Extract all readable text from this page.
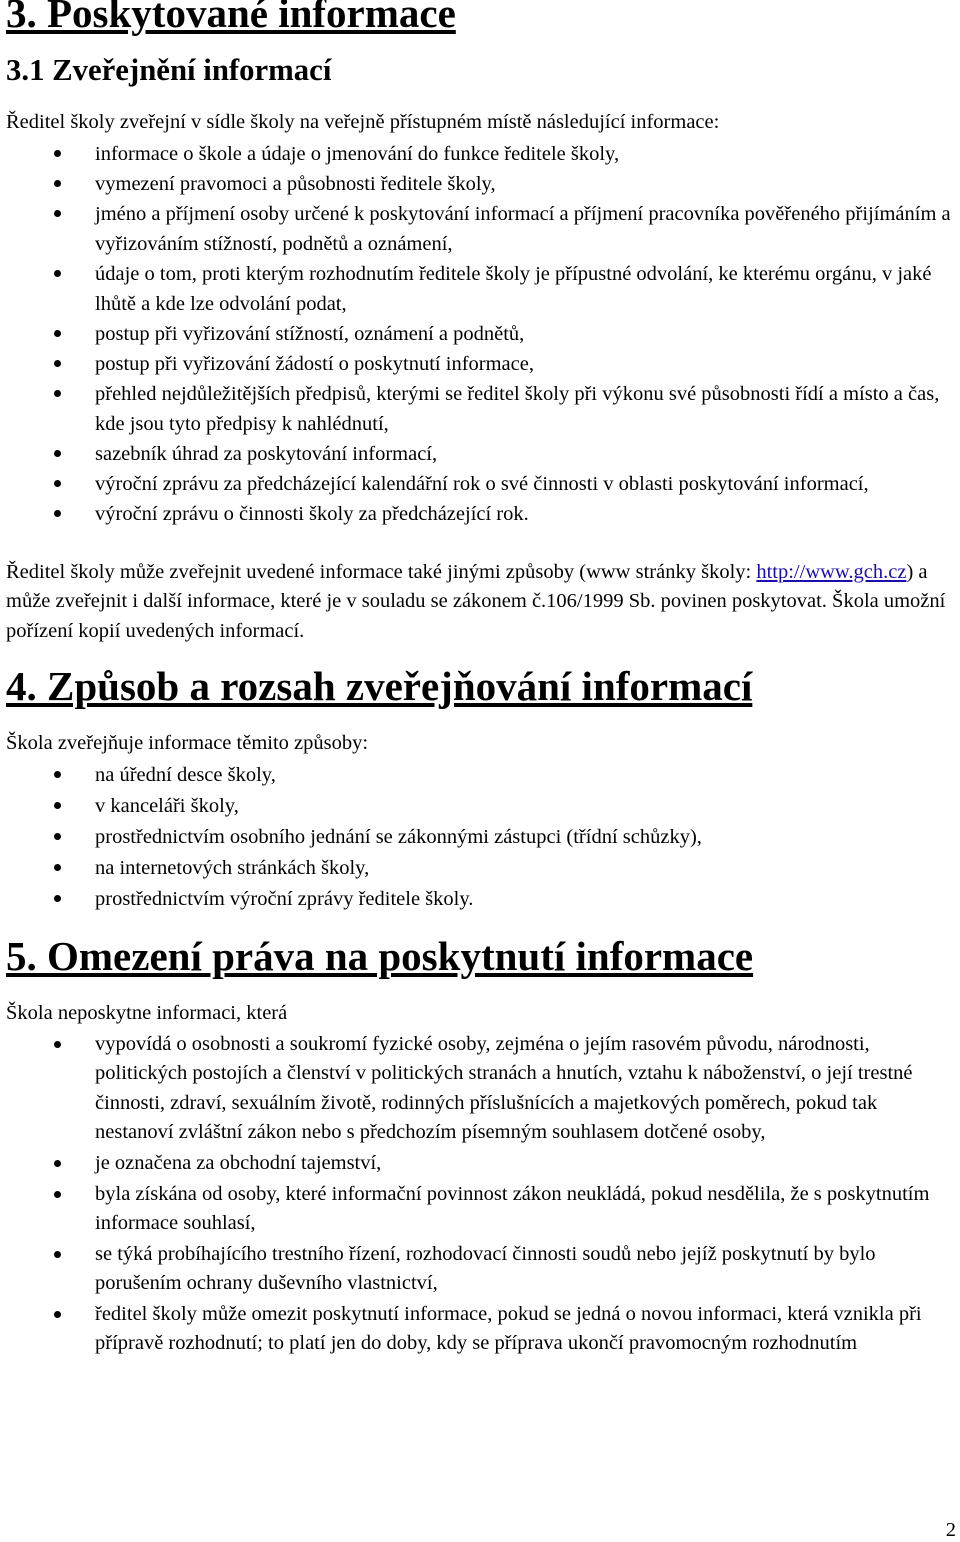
3. Poskytované informace
3.1 Zveřejnění informací

Ředitel školy zveřejní v sídle školy na veřejně přístupném místě následující informace:

informace o škole a údaje o jmenování do funkce ředitele školy,
vymezení pravomoci a působnosti ředitele školy,
jméno a příjmení osoby určené k poskytování informací a příjmení pracovníka pověřeného přijímáním a vyřizováním stížností, podnětů a oznámení,
údaje o tom, proti kterým rozhodnutím ředitele školy je přípustné odvolání, ke kterému orgánu, v jaké lhůtě a kde lze odvolání podat,
postup při vyřizování stížností, oznámení a podnětů,
postup při vyřizování žádostí o poskytnutí informace,
přehled nejdůležitějších předpisů, kterými se ředitel školy při výkonu své působnosti řídí a místo a čas, kde jsou tyto předpisy k nahlédnutí,
sazebník úhrad za poskytování informací,
výroční zprávu za předcházející kalendářní rok o své činnosti v oblasti poskytování informací,
výroční zprávu o činnosti školy za předcházející rok.

Ředitel školy může zveřejnit uvedené informace také jinými způsoby (www stránky školy: http://www.gch.cz) a může zveřejnit i další informace, které je v souladu se zákonem č.106/1999 Sb. povinen poskytovat. Škola umožní pořízení kopií uvedených informací.

4. Způsob a rozsah zveřejňování informací

Škola zveřejňuje informace těmito způsoby:

na úřední desce školy,
v kanceláři školy,
prostřednictvím osobního jednání se zákonnými zástupci (třídní schůzky),
na internetových stránkách školy,
prostřednictvím výroční zprávy ředitele školy.
5. Omezení práva na poskytnutí informace

Škola neposkytne informaci, která

vypovídá o osobnosti a soukromí fyzické osoby, zejména o jejím rasovém původu, národnosti, politických postojích a členství v politických stranách a hnutích, vztahu k náboženství, o její trestné činnosti, zdraví, sexuálním životě, rodinných příslušnících a majetkových poměrech, pokud tak nestanoví zvláštní zákon nebo s předchozím písemným souhlasem dotčené osoby,
je označena za obchodní tajemství,
byla získána od osoby, které informační povinnost zákon neukládá, pokud nesdělila, že s poskytnutím informace souhlasí,
se týká probíhajícího trestního řízení, rozhodovací činnosti soudů nebo jejíž poskytnutí by bylo porušením ochrany duševního vlastnictví,
ředitel školy může omezit poskytnutí informace, pokud se jedná o novou informaci, která vznikla při přípravě rozhodnutí; to platí jen do doby, kdy se příprava ukončí pravomocným rozhodnutím
2
